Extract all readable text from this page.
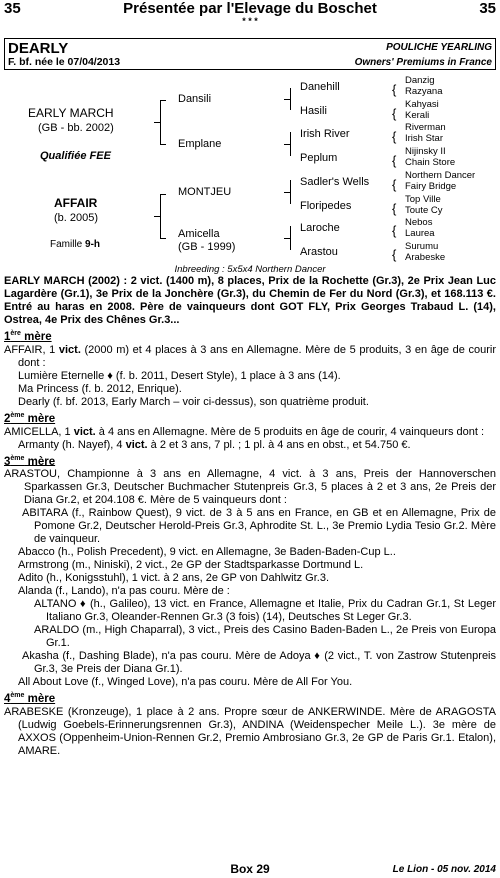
35	Présentée par l'Elevage du Boschet	35
* * *
DEARLY	POULICHE YEARLING
F. bf. née le 07/04/2013	Owners' Premiums in France
EARLY MARCH
(GB - bb. 2002)
Qualifiée FEE
AFFAIR
(b. 2005)
Famille 9-h
Dansili
Emplane
MONTJEU
Amicella
(GB - 1999)
Danehill
Hasili
Irish River
Peplum
Sadler's Wells
Floripedes
Laroche
Arastou
{
{
{
{
{
{
{
{
Danzig
Razyana
Kahyasi
Kerali
Riverman
Irish Star
Nijinsky II
Chain Store
Northern Dancer
Fairy Bridge
Top Ville
Toute Cy
Nebos
Laurea
Surumu
Arabeske
Inbreeding : 5x5x4 Northern Dancer

EARLY MARCH (2002) : 2 vict. (1400 m), 8 places, Prix de la Rochette (Gr.3), 2e Prix Jean Luc Lagardère (Gr.1), 3e Prix de la Jonchère (Gr.3), du Chemin de Fer du Nord (Gr.3), et 168.113 €. Entré au haras en 2008. Père de vainqueurs dont GOT FLY, Prix Georges Trabaud L. (14), Ostrea, 4e Prix des Chênes Gr.3...

1ère mère

AFFAIR, 1 vict. (2000 m) et 4 places à 3 ans en Allemagne. Mère de 5 produits, 3 en âge de courir dont :

Lumière Eternelle ♦ (f. b. 2011, Desert Style), 1 place à 3 ans (14).

Ma Princess (f. b. 2012, Enrique).

Dearly (f. bf. 2013, Early March – voir ci-dessus), son quatrième produit.

2ème mère

AMICELLA, 1 vict. à 4 ans en Allemagne. Mère de 5 produits en âge de courir, 4 vainqueurs dont :

Armanty (h. Nayef), 4 vict. à 2 et 3 ans, 7 pl. ; 1 pl. à 4 ans en obst., et 54.750 €.

3ème mère

ARASTOU, Championne à 3 ans en Allemagne, 4 vict. à 3 ans, Preis der Hannoverschen Sparkassen Gr.3, Deutscher Buchmacher Stutenpreis Gr.3, 5 places à 2 et 3 ans, 2e Preis der Diana Gr.2, et 204.108 €. Mère de 5 vainqueurs dont :

ABITARA (f., Rainbow Quest), 9 vict. de 3 à 5 ans en France, en GB et en Allemagne, Prix de Pomone Gr.2, Deutscher Herold-Preis Gr.3, Aphrodite St. L., 3e Premio Lydia Tesio Gr.2. Mère de vainqueur.

Abacco (h., Polish Precedent), 9 vict. en Allemagne, 3e Baden-Baden-Cup L..

Armstrong (m., Niniski), 2 vict., 2e GP der Stadtsparkasse Dortmund L.

Adito (h., Konigsstuhl), 1 vict. à 2 ans, 2e GP von Dahlwitz Gr.3.

Alanda (f., Lando), n'a pas couru. Mère de :

ALTANO ♦ (h., Galileo), 13 vict. en France, Allemagne et Italie, Prix du Cadran Gr.1, St Leger Italiano Gr.3, Oleander-Rennen Gr.3 (3 fois) (14), Deutsches St Leger Gr.3.

ARALDO (m., High Chaparral), 3 vict., Preis des Casino Baden-Baden L., 2e Preis von Europa Gr.1.

Akasha (f., Dashing Blade), n'a pas couru. Mère de Adoya ♦ (2 vict., T. von Zastrow Stutenpreis Gr.3, 3e Preis der Diana Gr.1).

All About Love (f., Winged Love), n'a pas couru. Mère de All For You.

4ème mère

ARABESKE (Kronzeuge), 1 place à 2 ans. Propre sœur de ANKERWINDE. Mère de ARAGOSTA (Ludwig Goebels-Erinnerungsrennen Gr.3), ANDINA (Weidenspecher Meile L.). 3e mère de AXXOS (Oppenheim-Union-Rennen Gr.2, Premio Ambrosiano Gr.3, 2e GP de Paris Gr.1. Etalon), AMARE.

Box 29	Le Lion - 05 nov. 2014
